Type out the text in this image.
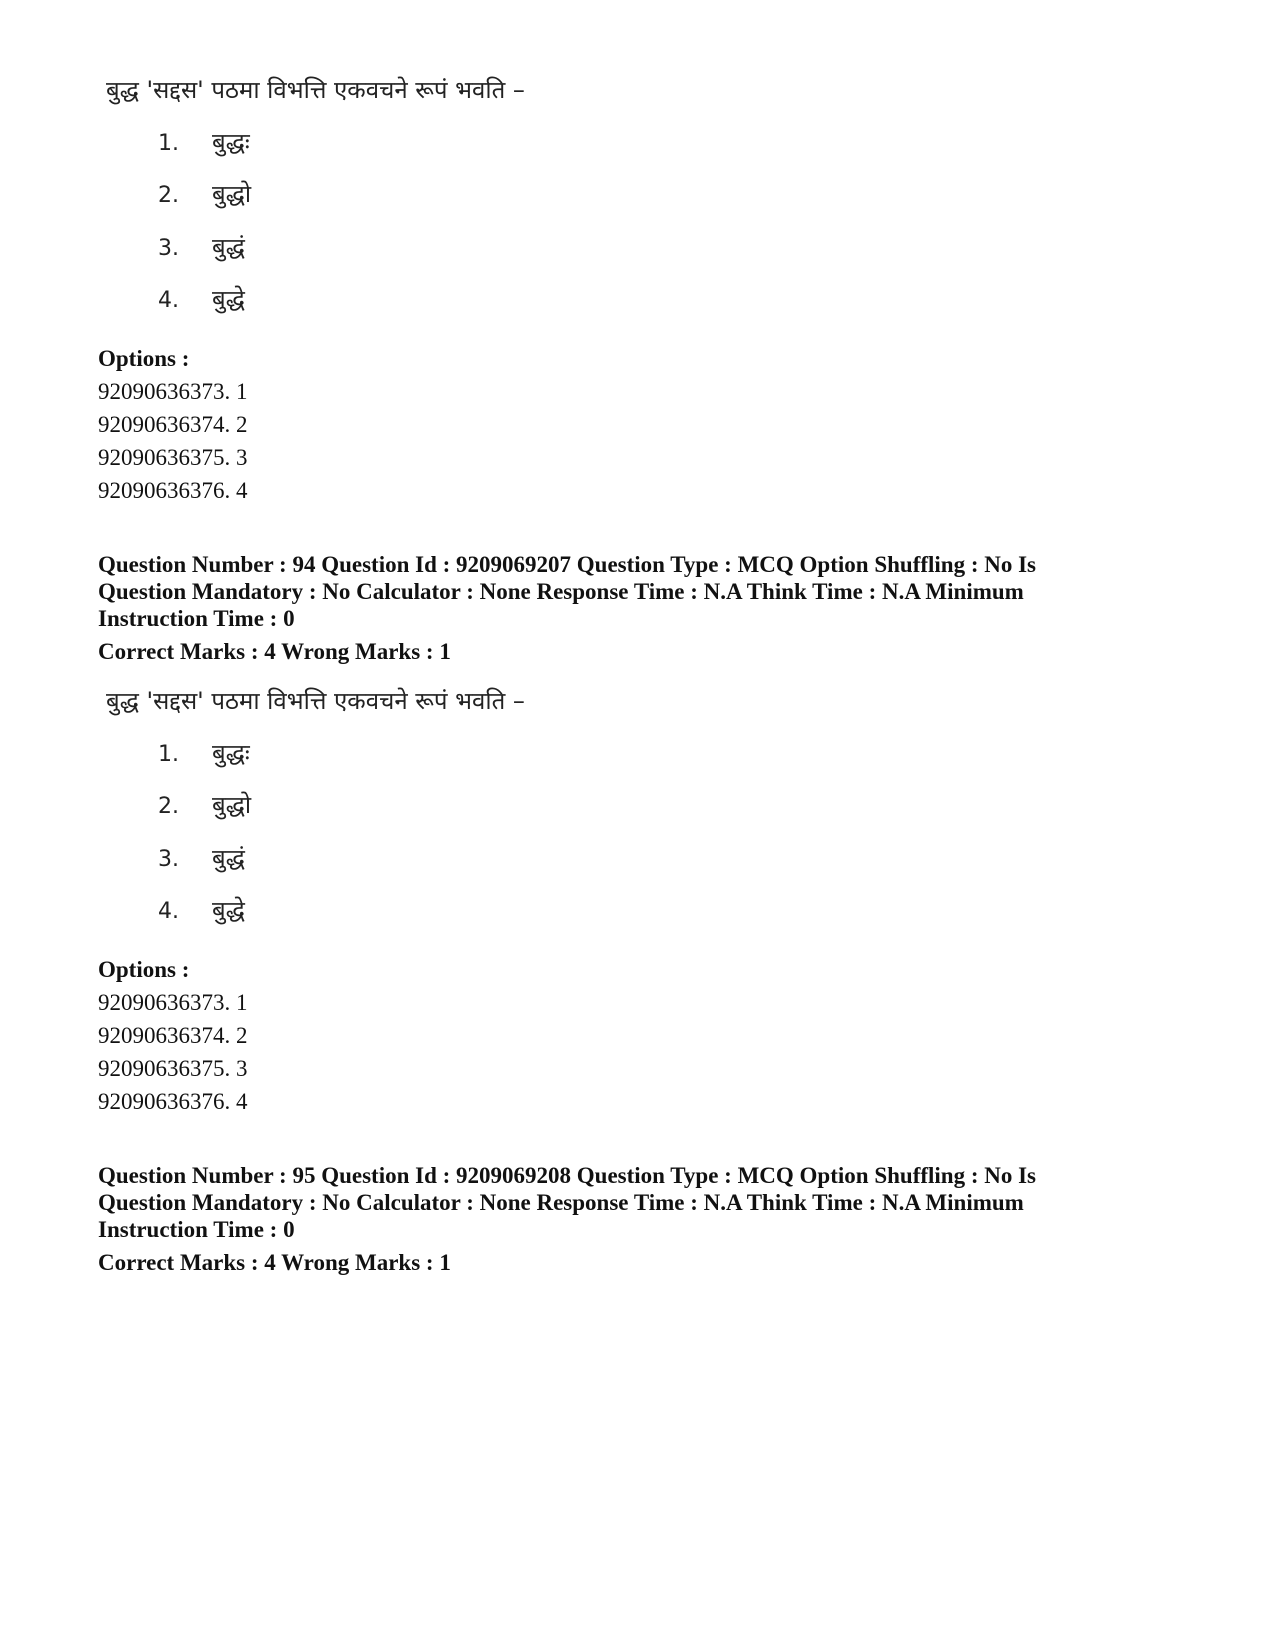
बुद्ध 'सद्दस' पठमा विभत्ति एकवचने रूपं भवति –
1. बुद्धः
2. बुद्धो
3. बुद्धं
4. बुद्धे
Options :
92090636373. 1
92090636374. 2
92090636375. 3
92090636376. 4
Question Number : 94 Question Id : 9209069207 Question Type : MCQ Option Shuffling : No Is
Question Mandatory : No Calculator : None Response Time : N.A Think Time : N.A Minimum
Instruction Time : 0
Correct Marks : 4 Wrong Marks : 1
बुद्ध 'सद्दस' पठमा विभत्ति एकवचने रूपं भवति –
1. बुद्धः
2. बुद्धो
3. बुद्धं
4. बुद्धे
Options :
92090636373. 1
92090636374. 2
92090636375. 3
92090636376. 4
Question Number : 95 Question Id : 9209069208 Question Type : MCQ Option Shuffling : No Is
Question Mandatory : No Calculator : None Response Time : N.A Think Time : N.A Minimum
Instruction Time : 0
Correct Marks : 4 Wrong Marks : 1
